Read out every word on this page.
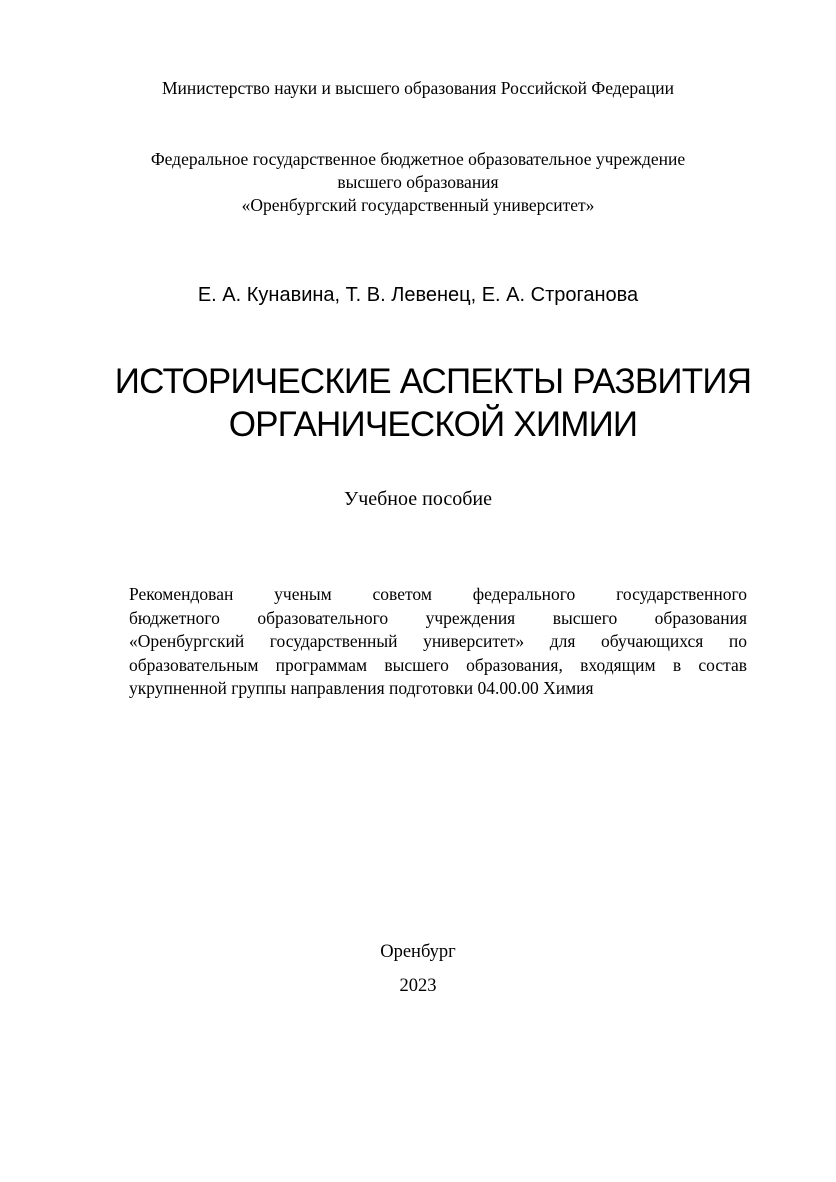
Министерство науки и высшего образования Российской Федерации
Федеральное государственное бюджетное образовательное учреждение
высшего образования
«Оренбургский государственный университет»
Е. А. Кунавина, Т. В. Левенец, Е. А. Строганова
ИСТОРИЧЕСКИЕ АСПЕКТЫ РАЗВИТИЯ
ОРГАНИЧЕСКОЙ ХИМИИ
Учебное пособие
Рекомендован ученым советом федерального государственного
бюджетного образовательного учреждения высшего образования
«Оренбургский государственный университет» для обучающихся по
образовательным программам высшего образования, входящим в состав
укрупненной группы направления подготовки 04.00.00 Химия
Оренбург
2023
